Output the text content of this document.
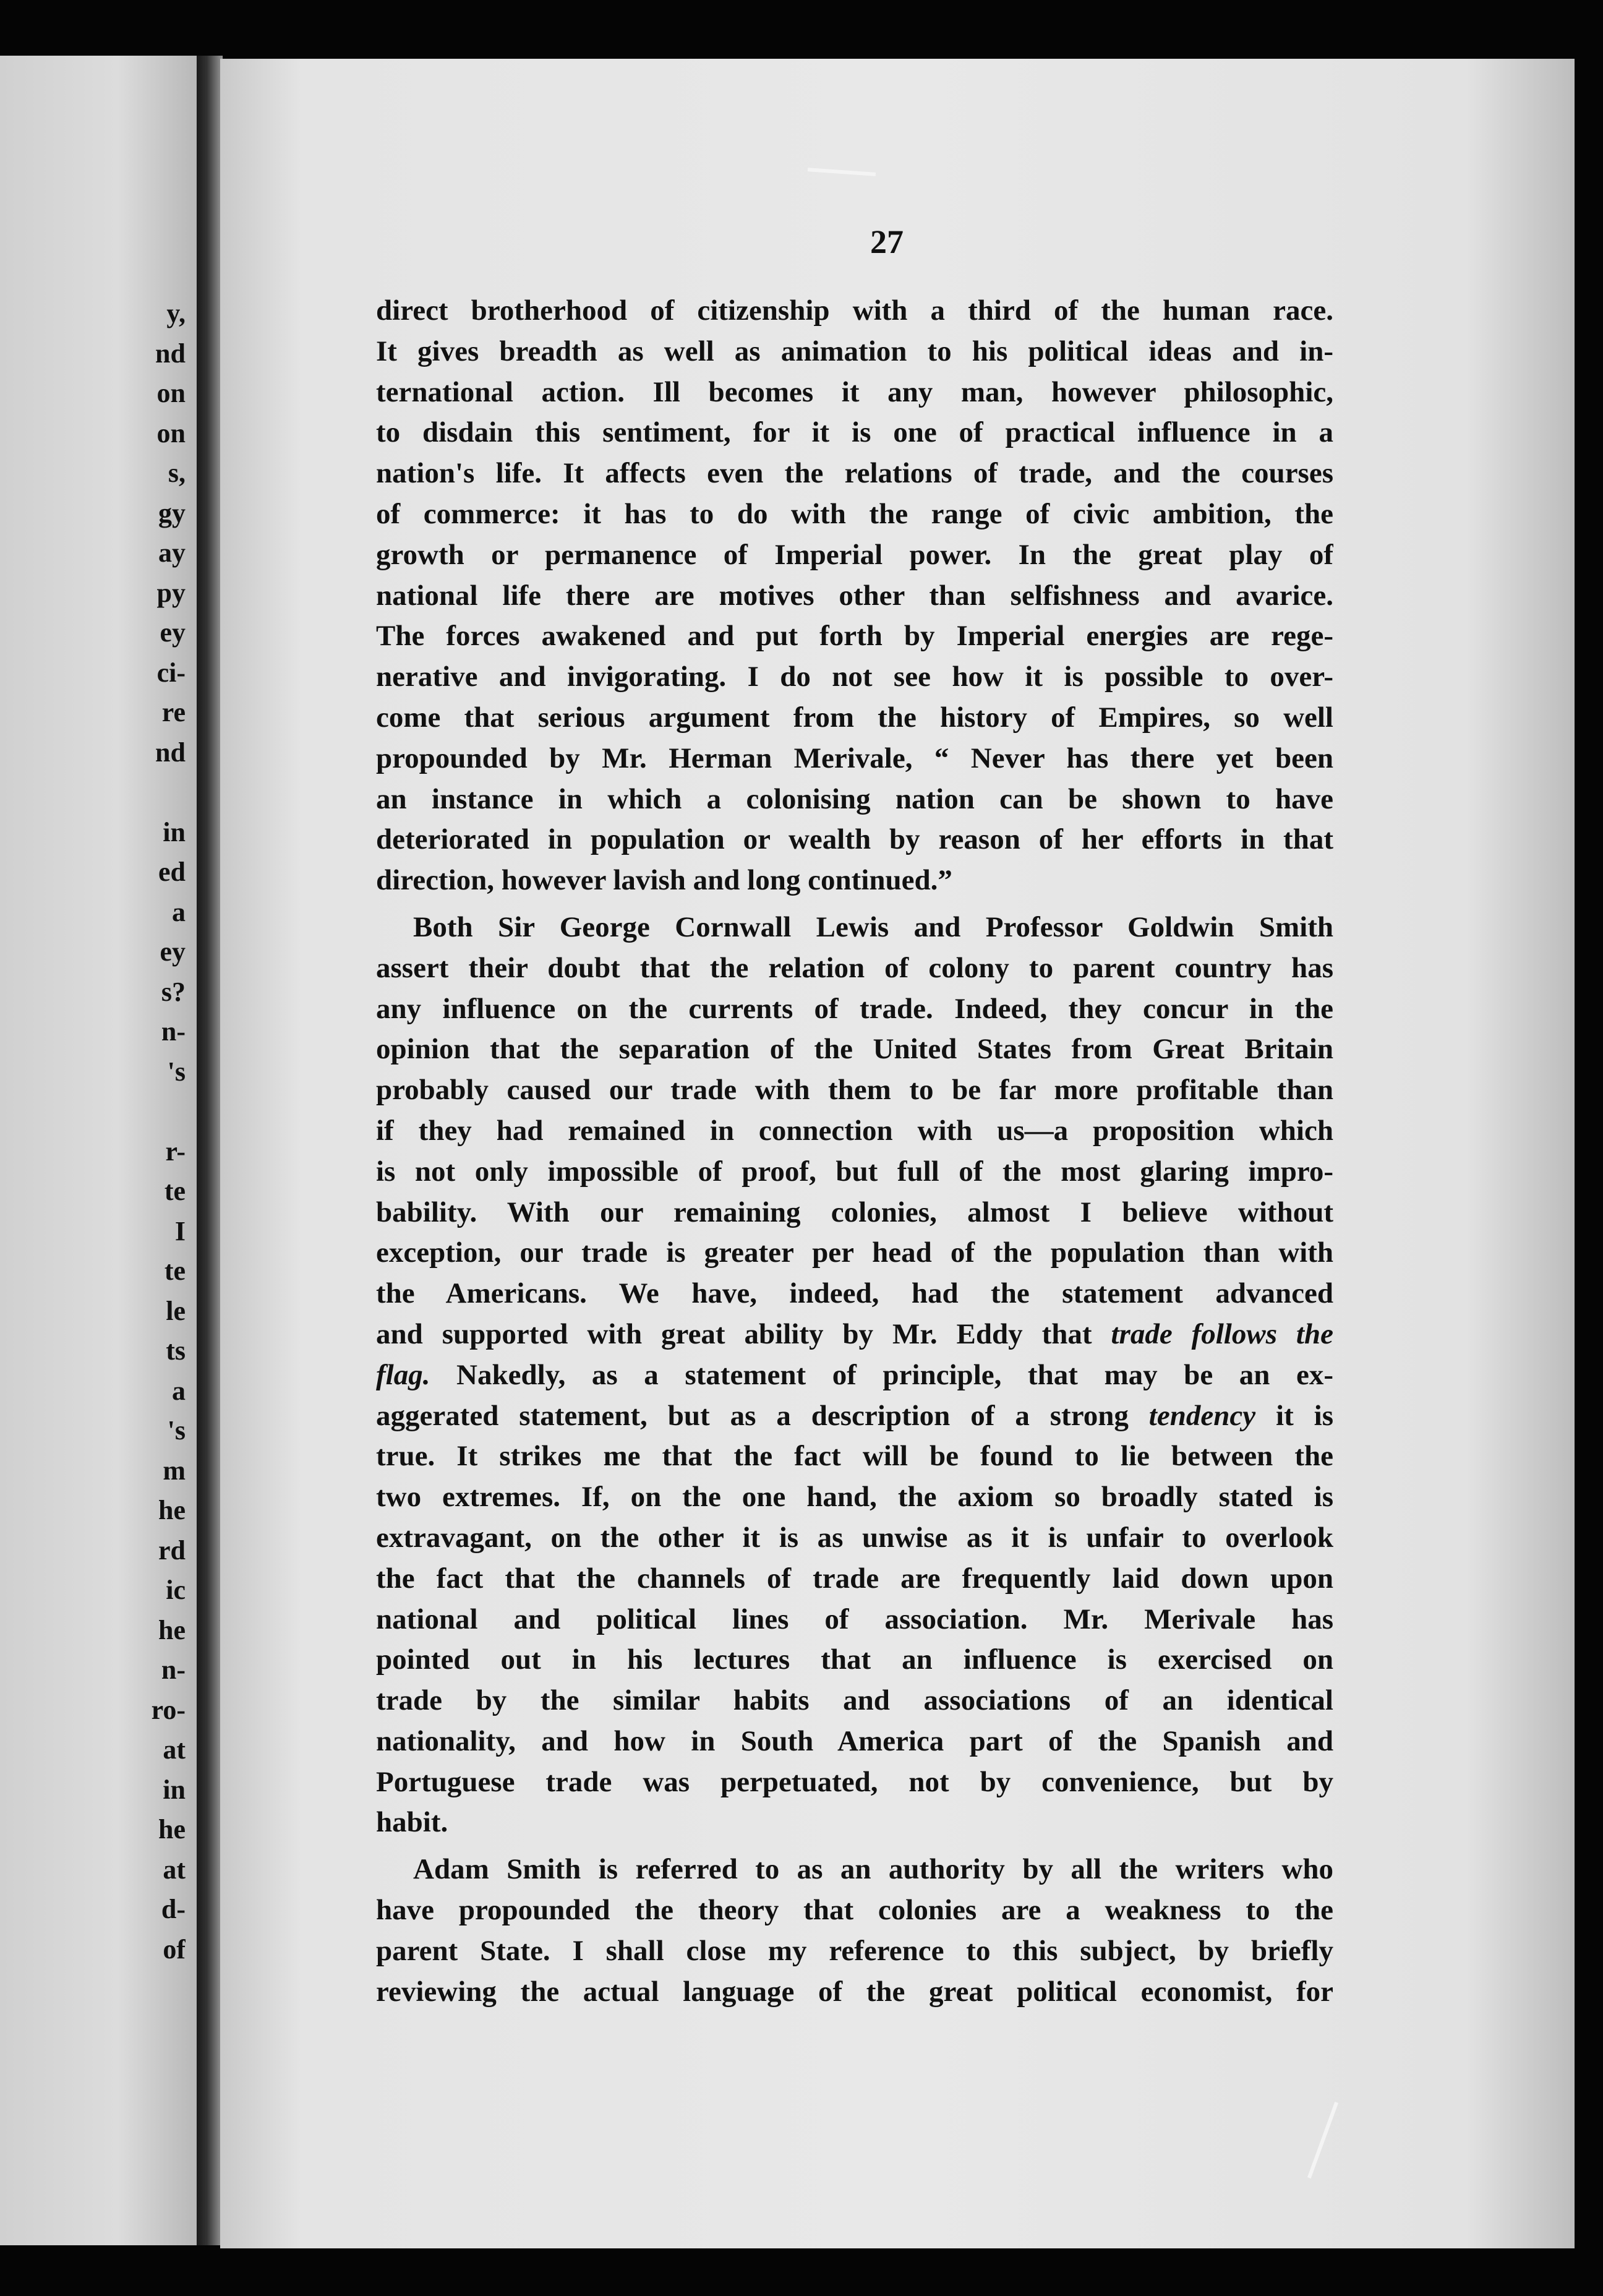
y,
nd
on
on
s,
gy
ay
py
ey
ci-
re
nd
in
ed
a
ey
s?
n-
's
r-
te
I
te
le
ts
a
's
m
he
rd
ic
he
n-
ro-
at
in
he
at
d-
of
27
direct brotherhood of citizenship with a third of the human race.
It gives breadth as well as animation to his political ideas and in-
ternational action. Ill becomes it any man, however philosophic,
to disdain this sentiment, for it is one of practical influence in a
nation's life. It affects even the relations of trade, and the courses
of commerce: it has to do with the range of civic ambition, the
growth or permanence of Imperial power. In the great play of
national life there are motives other than selfishness and avarice.
The forces awakened and put forth by Imperial energies are rege-
nerative and invigorating. I do not see how it is possible to over-
come that serious argument from the history of Empires, so well
propounded by Mr. Herman Merivale, “ Never has there yet been
an instance in which a colonising nation can be shown to have
deteriorated in population or wealth by reason of her efforts in that
direction, however lavish and long continued.”
Both Sir George Cornwall Lewis and Professor Goldwin Smith
assert their doubt that the relation of colony to parent country has
any influence on the currents of trade. Indeed, they concur in the
opinion that the separation of the United States from Great Britain
probably caused our trade with them to be far more profitable than
if they had remained in connection with us—a proposition which
is not only impossible of proof, but full of the most glaring impro-
bability. With our remaining colonies, almost I believe without
exception, our trade is greater per head of the population than with
the Americans. We have, indeed, had the statement advanced
and supported with great ability by Mr. Eddy that trade follows the
flag. Nakedly, as a statement of principle, that may be an ex-
aggerated statement, but as a description of a strong tendency it is
true. It strikes me that the fact will be found to lie between the
two extremes. If, on the one hand, the axiom so broadly stated is
extravagant, on the other it is as unwise as it is unfair to overlook
the fact that the channels of trade are frequently laid down upon
national and political lines of association. Mr. Merivale has
pointed out in his lectures that an influence is exercised on
trade by the similar habits and associations of an identical
nationality, and how in South America part of the Spanish and
Portuguese trade was perpetuated, not by convenience, but by
habit.
Adam Smith is referred to as an authority by all the writers who
have propounded the theory that colonies are a weakness to the
parent State. I shall close my reference to this subject, by briefly
reviewing the actual language of the great political economist, for
